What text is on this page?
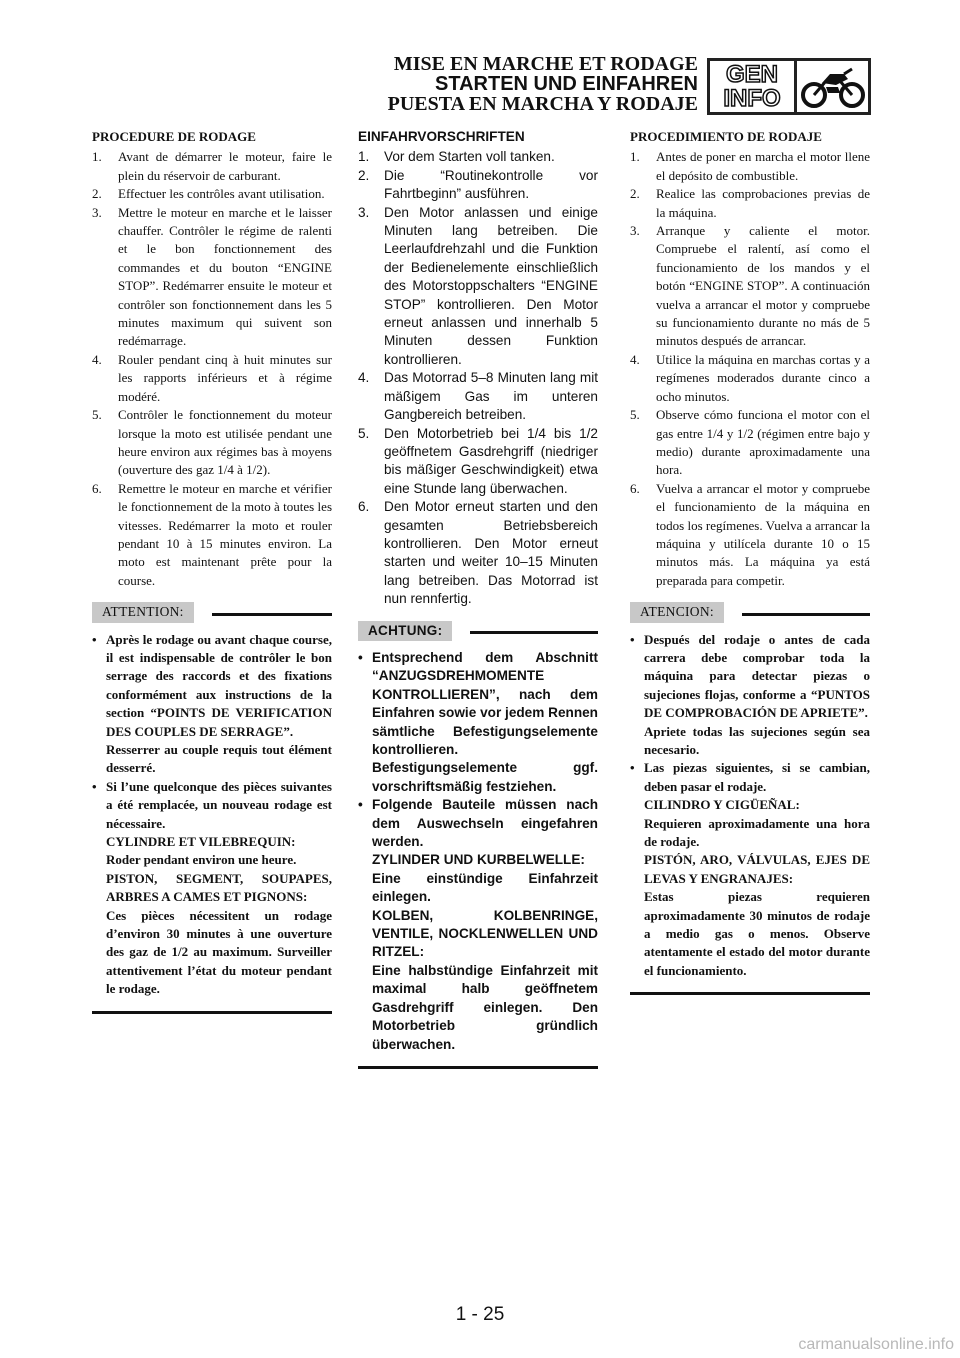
MISE EN MARCHE ET RODAGE
STARTEN UND EINFAHREN
PUESTA EN MARCHA Y RODAJE
GEN
INFO
PROCEDURE DE RODAGE
1.	Avant de démarrer le moteur, faire le plein du réservoir de carburant.
2.	Effectuer les contrôles avant utilisation.
3.	Mettre le moteur en marche et le laisser chauffer. Contrôler le régime de ralenti et le bon fonctionnement des commandes et du bouton “ENGINE STOP”. Redémarrer ensuite le moteur et contrôler son fonctionnement dans les 5 minutes maximum qui suivent son redémarrage.
4.	Rouler pendant cinq à huit minutes sur les rapports inférieurs et à régime modéré.
5.	Contrôler le fonctionnement du moteur lorsque la moto est utilisée pendant une heure environ aux régimes bas à moyens (ouverture des gaz 1/4 à 1/2).
6.	Remettre le moteur en marche et vérifier le fonctionnement de la moto à toutes les vitesses. Redémarrer la moto et rouler pendant 10 à 15 minutes environ. La moto est maintenant prête pour la course.
ATTENTION:
• Après le rodage ou avant chaque course, il est indispensable de contrôler le bon serrage des raccords et des fixations conformément aux instructions de la section “POINTS DE VERIFICATION DES COUPLES DE SERRAGE”.
Resserrer au couple requis tout élément desserré.
• Si l’une quelconque des pièces suivantes a été remplacée, un nouveau rodage est nécessaire.
CYLINDRE ET VILEBREQUIN:
Roder pendant environ une heure.
PISTON, SEGMENT, SOUPAPES, ARBRES A CAMES ET PIGNONS:
Ces pièces nécessitent un rodage d’environ 30 minutes à une ouverture des gaz de 1/2 au maximum. Surveiller attentivement l’état du moteur pendant le rodage.
EINFAHRVORSCHRIFTEN
1.	Vor dem Starten voll tanken.
2.	Die “Routinekontrolle vor Fahrtbeginn” ausführen.
3.	Den Motor anlassen und einige Minuten lang betreiben. Die Leerlaufdrehzahl und die Funktion der Bedienelemente einschließlich des Motorstoppschalters “ENGINE STOP” kontrollieren. Den Motor erneut anlassen und innerhalb 5 Minuten dessen Funktion kontrollieren.
4.	Das Motorrad 5–8 Minuten lang mit mäßigem Gas im unteren Gangbereich betreiben.
5.	Den Motorbetrieb bei 1/4 bis 1/2 geöffnetem Gasdrehgriff (niedriger bis mäßiger Geschwindigkeit) etwa eine Stunde lang überwachen.
6.	Den Motor erneut starten und den gesamten Betriebsbereich kontrollieren. Den Motor erneut starten und weiter 10–15 Minuten lang betreiben. Das Motorrad ist nun rennfertig.
ACHTUNG:
• Entsprechend dem Abschnitt “ANZUGSDREHMOMENTE KONTROLLIEREN”, nach dem Einfahren sowie vor jedem Rennen sämtliche Befestigungselemente kontrollieren.
Befestigungselemente ggf. vorschriftsmäßig festziehen.
• Folgende Bauteile müssen nach dem Auswechseln eingefahren werden.
ZYLINDER UND KURBELWELLE:
Eine einstündige Einfahrzeit einlegen.
KOLBEN, KOLBENRINGE, VENTILE, NOCKLENWELLEN UND RITZEL:
Eine halbstündige Einfahrzeit mit maximal halb geöffnetem Gasdrehgriff einlegen. Den Motorbetrieb gründlich überwachen.
PROCEDIMIENTO DE RODAJE
1.	Antes de poner en marcha el motor llene el depósito de combustible.
2.	Realice las comprobaciones previas de la máquina.
3.	Arranque y caliente el motor. Compruebe el ralentí, así como el funcionamiento de los mandos y el botón “ENGINE STOP”. A continuación vuelva a arrancar el motor y compruebe su funcionamiento durante no más de 5 minutos después de arrancar.
4.	Utilice la máquina en marchas cortas y a regímenes moderados durante cinco a ocho minutos.
5.	Observe cómo funciona el motor con el gas entre 1/4 y 1/2 (régimen entre bajo y medio) durante aproximadamente una hora.
6.	Vuelva a arrancar el motor y compruebe el funcionamiento de la máquina en todos los regímenes. Vuelva a arrancar la máquina y utilícela durante 10 o 15 minutos más. La máquina ya está preparada para competir.
ATENCION:
• Después del rodaje o antes de cada carrera debe comprobar toda la máquina para detectar piezas o sujeciones flojas, conforme a “PUNTOS DE COMPROBACIÓN DE APRIETE”.
Apriete todas las sujeciones según sea necesario.
• Las piezas siguientes, si se cambian, deben pasar el rodaje.
CILINDRO Y CIGÜEÑAL:
Requieren aproximadamente una hora de rodaje.
PISTÓN, ARO, VÁLVULAS, EJES DE LEVAS Y ENGRANAJES:
Estas piezas requieren aproximadamente 30 minutos de rodaje a medio gas o menos. Observe atentamente el estado del motor durante el funcionamiento.
1 - 25
carmanualsonline.info
